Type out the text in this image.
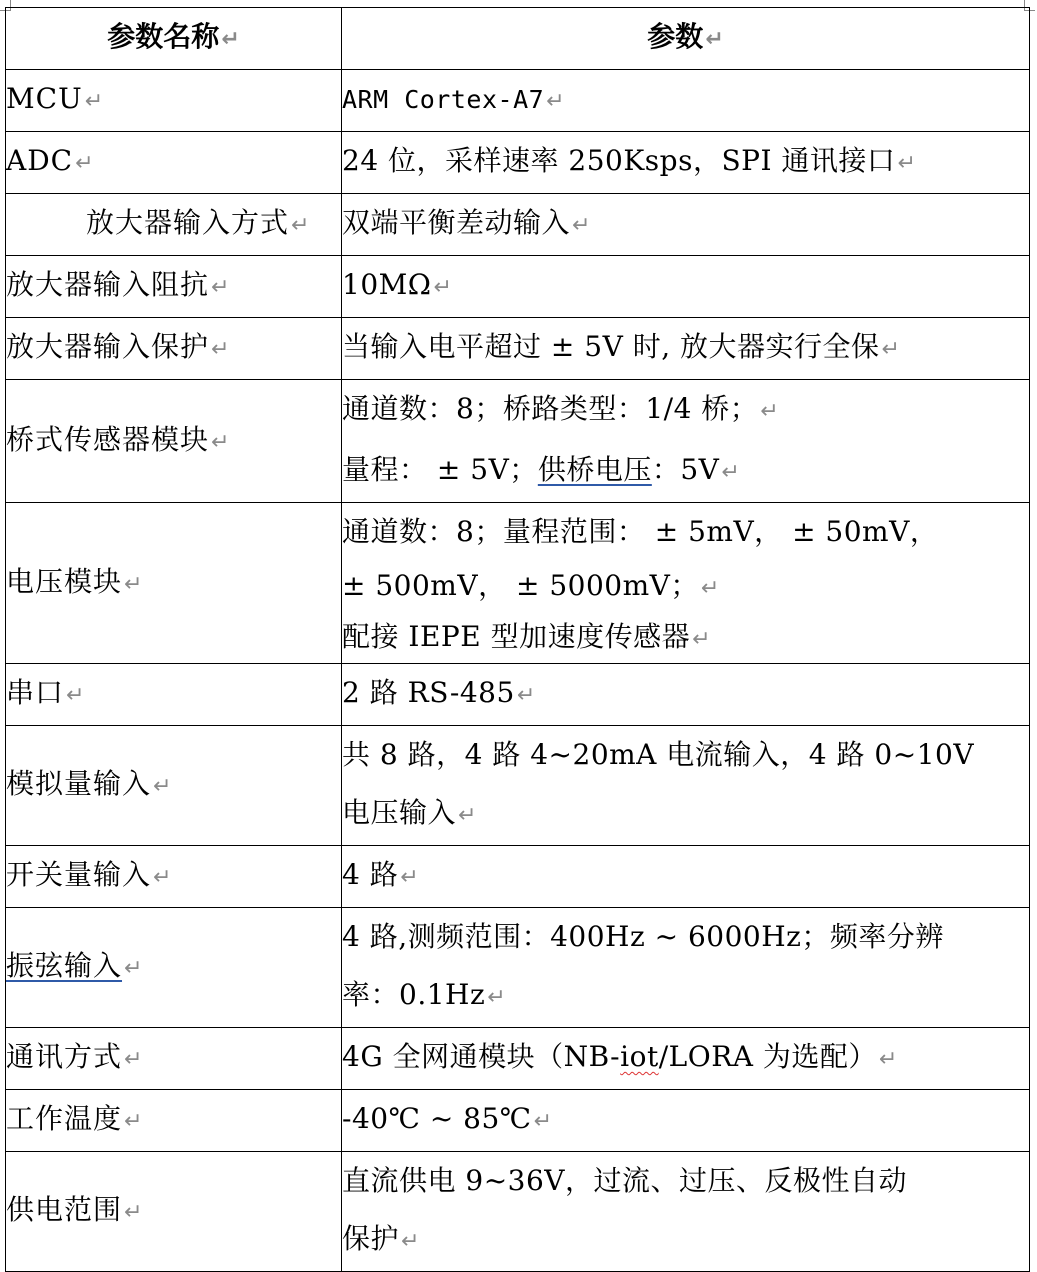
参数名称↵	参数↵
MCU↵	ARM Cortex-A7↵
ADC↵	24 位，采样速率 250Ksps，SPI 通讯接口↵
放大器输入方式↵	双端平衡差动输入↵
放大器输入阻抗↵	10MΩ↵
放大器输入保护↵	当输入电平超过 ± 5V 时, 放大器实行全保↵
桥式传感器模块↵	通道数：8；桥路类型：1/4 桥；↵
量程： ± 5V；供桥电压：5V↵

电压模块↵	通道数：8；量程范围： ± 5mV， ± 50mV，
± 500mV， ± 5000mV；↵
配接 IEPE 型加速度传感器↵

串口↵	2 路 RS-485↵
模拟量输入↵	共 8 路，4 路 4~20mA 电流输入，4 路 0~10V
电压输入↵

开关量输入↵	4 路↵
振弦输入↵	4 路,测频范围：400Hz ~ 6000Hz；频率分辨
率：0.1Hz↵

通讯方式↵	4G 全网通模块（NB-iot/LORA 为选配）↵
工作温度↵	-40℃ ~ 85℃↵
供电范围↵	直流供电 9~36V，过流、过压、反极性自动
保护↵
